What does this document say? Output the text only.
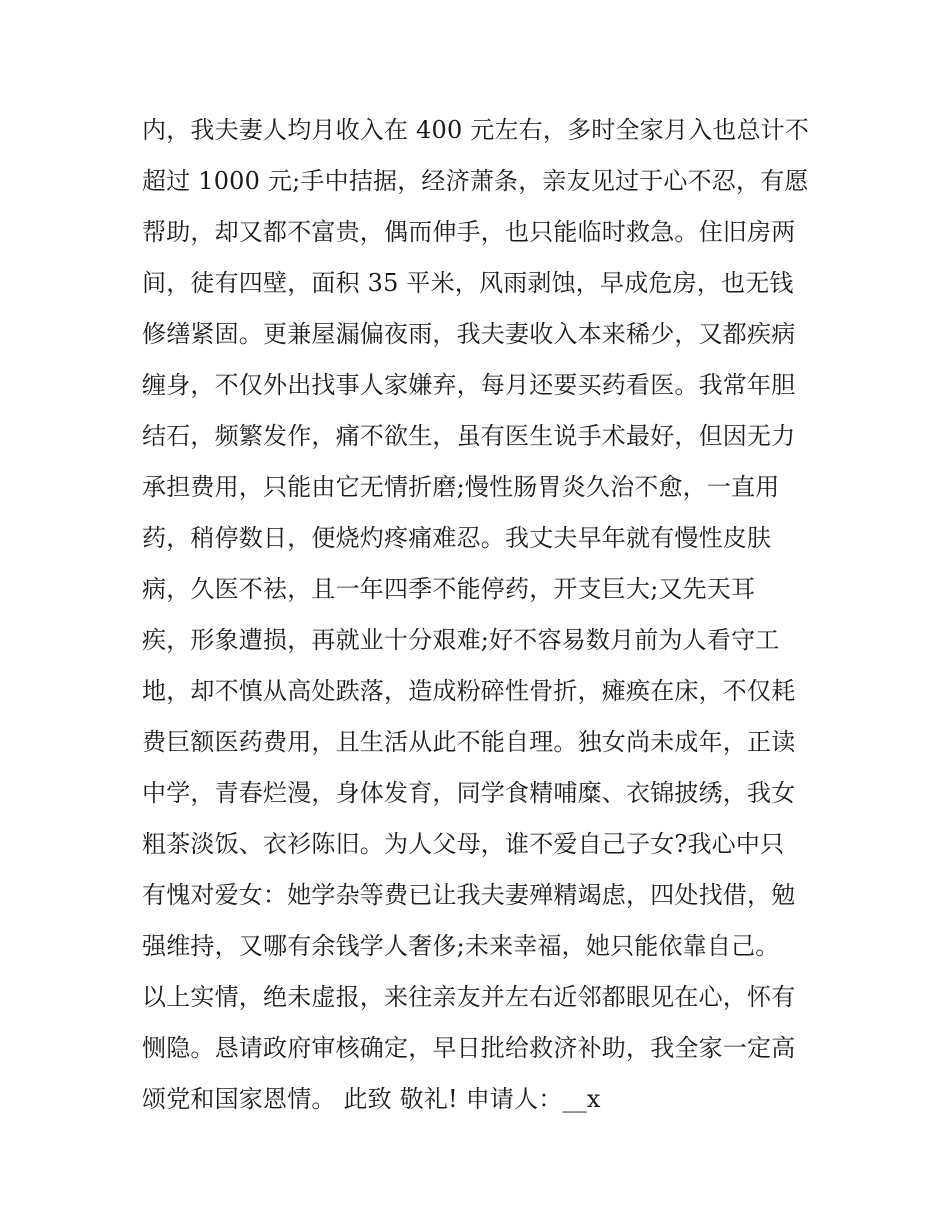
内，我夫妻人均月收入在 400 元左右，多时全家月入也总计不
超过 1000 元;手中拮据，经济萧条，亲友见过于心不忍，有愿
帮助，却又都不富贵，偶而伸手，也只能临时救急。住旧房两
间，徒有四壁，面积 35 平米，风雨剥蚀，早成危房，也无钱
修缮紧固。更兼屋漏偏夜雨，我夫妻收入本来稀少，又都疾病
缠身，不仅外出找事人家嫌弃，每月还要买药看医。我常年胆
结石，频繁发作，痛不欲生，虽有医生说手术最好，但因无力
承担费用，只能由它无情折磨;慢性肠胃炎久治不愈，一直用
药，稍停数日，便烧灼疼痛难忍。我丈夫早年就有慢性皮肤
病，久医不祛，且一年四季不能停药，开支巨大;又先天耳
疾，形象遭损，再就业十分艰难;好不容易数月前为人看守工
地，却不慎从高处跌落，造成粉碎性骨折，瘫痪在床，不仅耗
费巨额医药费用，且生活从此不能自理。独女尚未成年，正读
中学，青春烂漫，身体发育，同学食精哺糜、衣锦披绣，我女
粗茶淡饭、衣衫陈旧。为人父母，谁不爱自己子女?我心中只
有愧对爱女：她学杂等费已让我夫妻殚精竭虑，四处找借，勉
强维持，又哪有余钱学人奢侈;未来幸福，她只能依靠自己。
以上实情，绝未虚报，来往亲友并左右近邻都眼见在心，怀有
恻隐。恳请政府审核确定，早日批给救济补助，我全家一定高
颂党和国家恩情。 此致 敬礼! 申请人：__x
